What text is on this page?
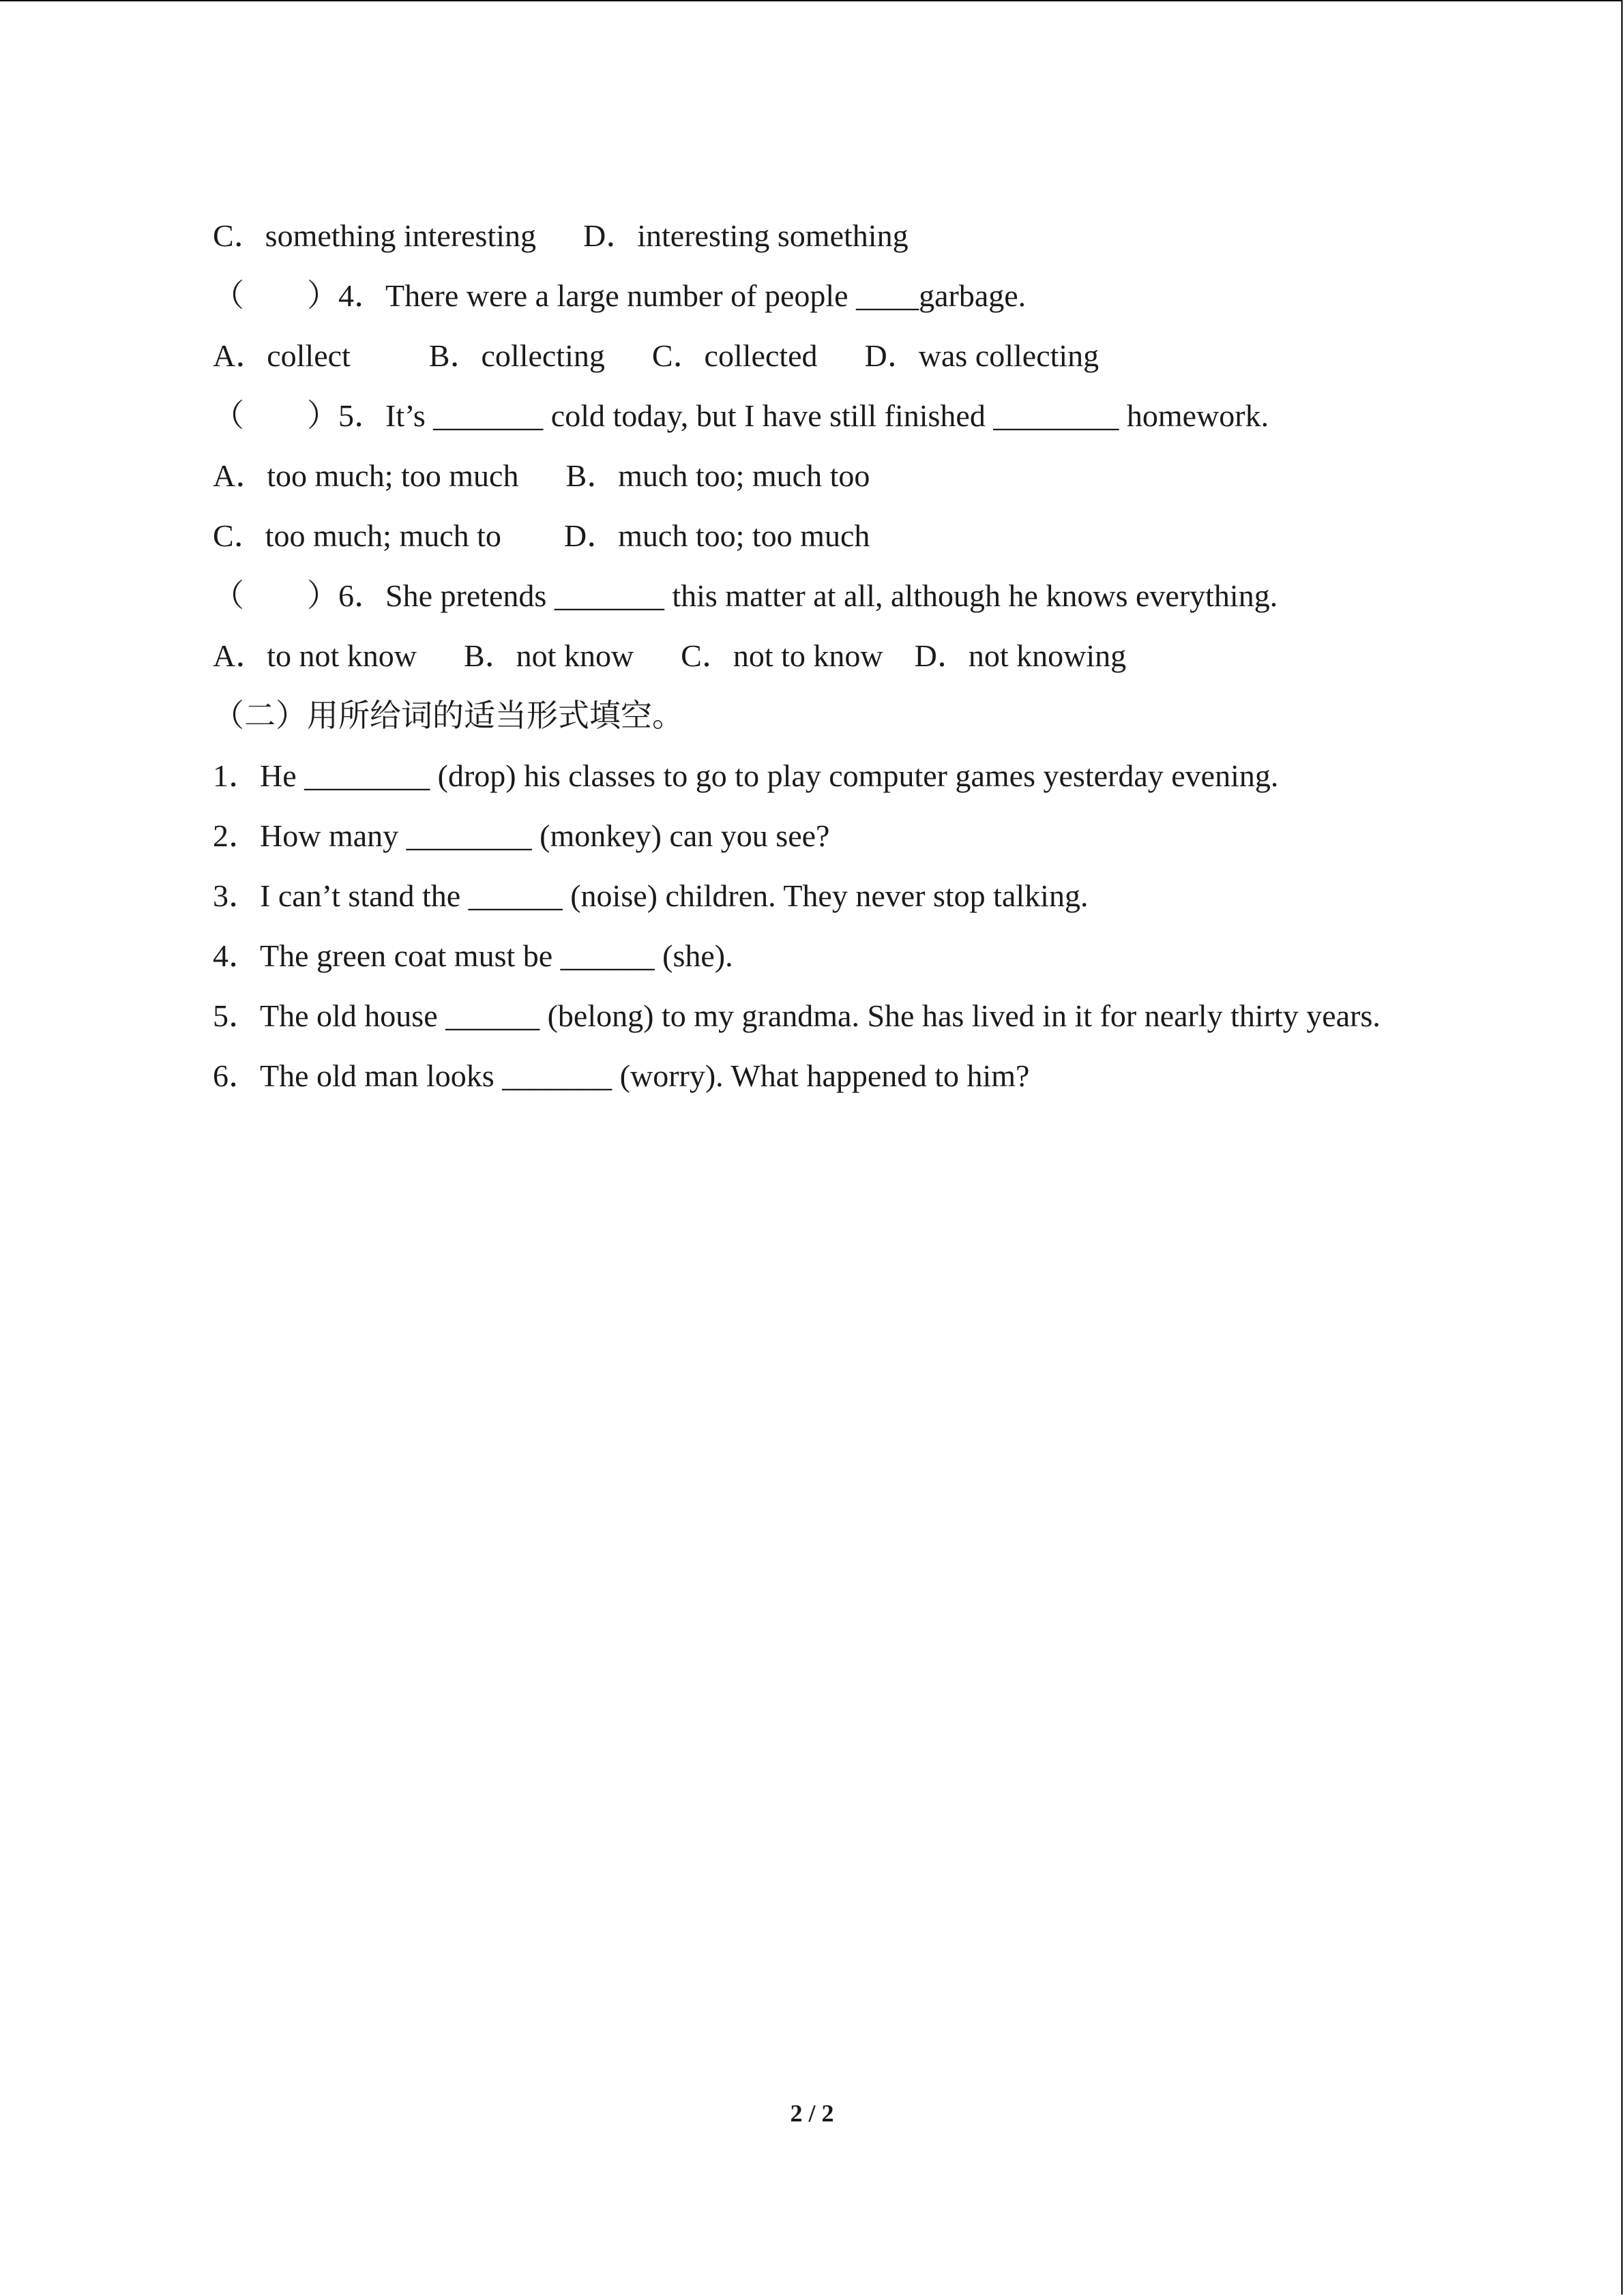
C．something interesting      D．interesting something
（        ）4．There were a large number of people ____garbage.
A．collect          B．collecting      C．collected      D．was collecting
（        ）5．It’s _______ cold today, but I have still finished ________ homework.
A．too much; too much      B．much too; much too
C．too much; much to        D．much too; too much
（        ）6．She pretends _______ this matter at all, although he knows everything.
A．to not know      B．not know      C．not to know    D．not knowing
（二）用所给词的适当形式填空。
1．He ________ (drop) his classes to go to play computer games yesterday evening.
2．How many ________ (monkey) can you see?
3．I can’t stand the ______ (noise) children. They never stop talking.
4．The green coat must be ______ (she).
5．The old house ______ (belong) to my grandma. She has lived in it for nearly thirty years.
6．The old man looks _______ (worry). What happened to him?
2 / 2
